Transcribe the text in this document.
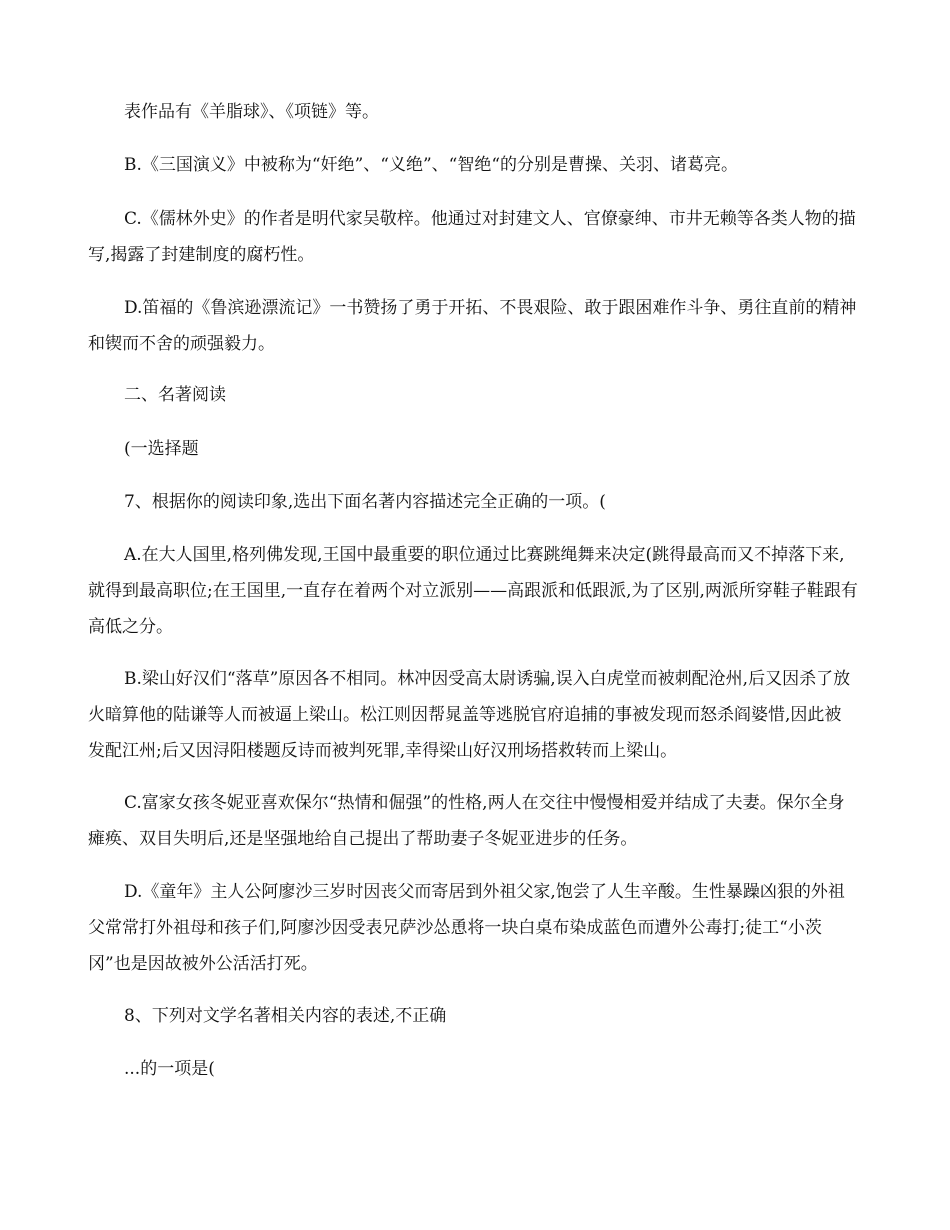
表作品有《羊脂球》、《项链》等。

B.《三国演义》中被称为“奸绝”、“义绝”、“智绝“的分别是曹操、关羽、诸葛亮。

C.《儒林外史》的作者是明代家吴敬梓。他通过对封建文人、官僚豪绅、市井无赖等各类人物的描写,揭露了封建制度的腐朽性。

D.笛福的《鲁滨逊漂流记》一书赞扬了勇于开拓、不畏艰险、敢于跟困难作斗争、勇往直前的精神和锲而不舍的顽强毅力。

二、名著阅读

(一选择题

7、根据你的阅读印象,选出下面名著内容描述完全正确的一项。(

A.在大人国里,格列佛发现,王国中最重要的职位通过比赛跳绳舞来决定(跳得最高而又不掉落下来,就得到最高职位;在王国里,一直存在着两个对立派别——高跟派和低跟派,为了区别,两派所穿鞋子鞋跟有高低之分。

B.梁山好汉们“落草”原因各不相同。林冲因受高太尉诱骗,误入白虎堂而被刺配沧州,后又因杀了放火暗算他的陆谦等人而被逼上梁山。松江则因帮晁盖等逃脱官府追捕的事被发现而怒杀阎婆惜,因此被发配江州;后又因浔阳楼题反诗而被判死罪,幸得梁山好汉刑场搭救转而上梁山。

C.富家女孩冬妮亚喜欢保尔“热情和倔强”的性格,两人在交往中慢慢相爱并结成了夫妻。保尔全身瘫痪、双目失明后,还是坚强地给自己提出了帮助妻子冬妮亚进步的任务。

D.《童年》主人公阿廖沙三岁时因丧父而寄居到外祖父家,饱尝了人生辛酸。生性暴躁凶狠的外祖父常常打外祖母和孩子们,阿廖沙因受表兄萨沙怂恿将一块白桌布染成蓝色而遭外公毒打;徒工“小茨冈”也是因故被外公活活打死。

8、下列对文学名著相关内容的表述,不正确

...的一项是(
